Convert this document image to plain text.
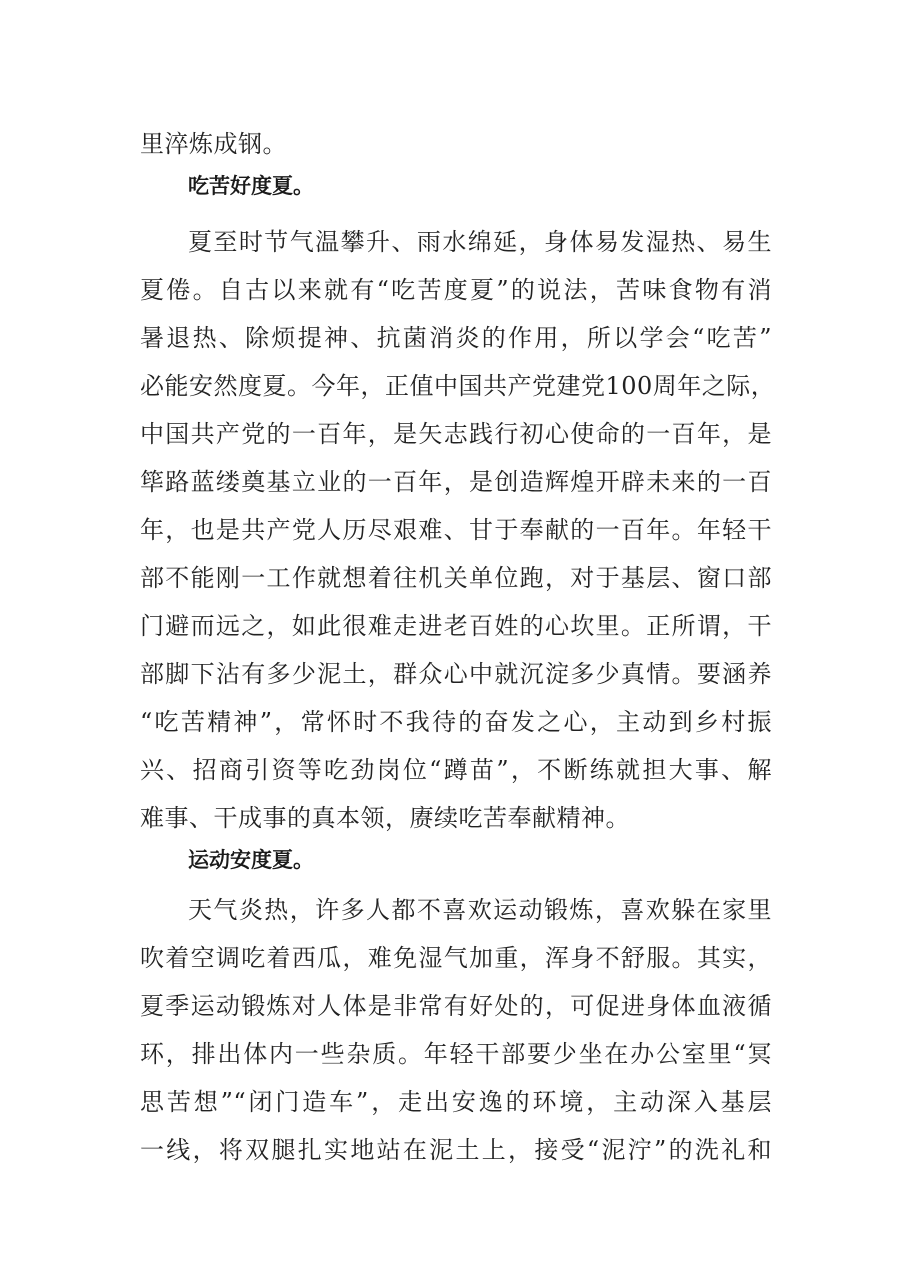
里淬炼成钢。
吃苦好度夏。
夏至时节气温攀升、雨水绵延，身体易发湿热、易生
夏倦。自古以来就有“吃苦度夏”的说法，苦味食物有消
暑退热、除烦提神、抗菌消炎的作用，所以学会“吃苦”
必能安然度夏。今年，正值中国共产党建党100周年之际，
中国共产党的一百年，是矢志践行初心使命的一百年，是
筚路蓝缕奠基立业的一百年，是创造辉煌开辟未来的一百
年，也是共产党人历尽艰难、甘于奉献的一百年。年轻干
部不能刚一工作就想着往机关单位跑，对于基层、窗口部
门避而远之，如此很难走进老百姓的心坎里。正所谓，干
部脚下沾有多少泥土，群众心中就沉淀多少真情。要涵养
“吃苦精神”，常怀时不我待的奋发之心，主动到乡村振
兴、招商引资等吃劲岗位“蹲苗”，不断练就担大事、解
难事、干成事的真本领，赓续吃苦奉献精神。
运动安度夏。
天气炎热，许多人都不喜欢运动锻炼，喜欢躲在家里
吹着空调吃着西瓜，难免湿气加重，浑身不舒服。其实，
夏季运动锻炼对人体是非常有好处的，可促进身体血液循
环，排出体内一些杂质。年轻干部要少坐在办公室里“冥
思苦想”“闭门造车”，走出安逸的环境，主动深入基层
一线，将双腿扎实地站在泥土上，接受“泥泞”的洗礼和
